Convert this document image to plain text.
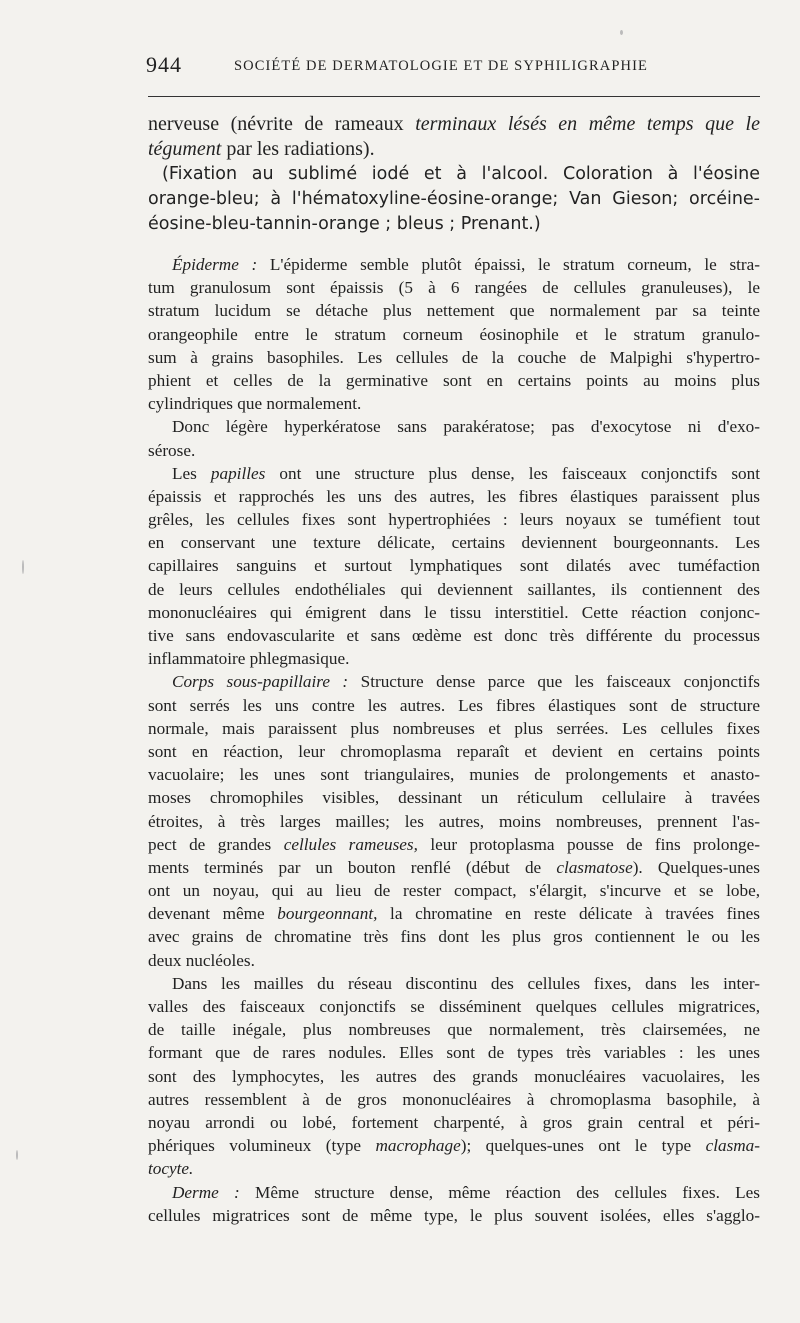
944	SOCIÉTÉ DE DERMATOLOGIE ET DE SYPHILIGRAPHIE
nerveuse (névrite de rameaux terminaux lésés en même temps que le
tégument par les radiations).
(Fixation au sublimé iodé et à l'alcool. Coloration à l'éosine
orange-bleu; à l'hématoxyline-éosine-orange; Van Gieson; orcéine-
éosine-bleu-tannin-orange ; bleus ; Prenant.)
Épiderme : L'épiderme semble plutôt épaissi, le stratum corneum, le stra-
tum granulosum sont épaissis (5 à 6 rangées de cellules granuleuses), le
stratum lucidum se détache plus nettement que normalement par sa teinte
orangeophile entre le stratum corneum éosinophile et le stratum granulo-
sum à grains basophiles. Les cellules de la couche de Malpighi s'hypertro-
phient et celles de la germinative sont en certains points au moins plus
cylindriques que normalement.
Donc légère hyperkératose sans parakératose; pas d'exocytose ni d'exo-
sérose.
Les papilles ont une structure plus dense, les faisceaux conjonctifs sont
épaissis et rapprochés les uns des autres, les fibres élastiques paraissent plus
grêles, les cellules fixes sont hypertrophiées : leurs noyaux se tuméfient tout
en conservant une texture délicate, certains deviennent bourgeonnants. Les
capillaires sanguins et surtout lymphatiques sont dilatés avec tuméfaction
de leurs cellules endothéliales qui deviennent saillantes, ils contiennent des
mononucléaires qui émigrent dans le tissu interstitiel. Cette réaction conjonc-
tive sans endovascularite et sans œdème est donc très différente du processus
inflammatoire phlegmasique.
Corps sous-papillaire : Structure dense parce que les faisceaux conjonctifs
sont serrés les uns contre les autres. Les fibres élastiques sont de structure
normale, mais paraissent plus nombreuses et plus serrées. Les cellules fixes
sont en réaction, leur chromoplasma reparaît et devient en certains points
vacuolaire; les unes sont triangulaires, munies de prolongements et anasto-
moses chromophiles visibles, dessinant un réticulum cellulaire à travées
étroites, à très larges mailles; les autres, moins nombreuses, prennent l'as-
pect de grandes cellules rameuses, leur protoplasma pousse de fins prolonge-
ments terminés par un bouton renflé (début de clasmatose). Quelques-unes
ont un noyau, qui au lieu de rester compact, s'élargit, s'incurve et se lobe,
devenant même bourgeonnant, la chromatine en reste délicate à travées fines
avec grains de chromatine très fins dont les plus gros contiennent le ou les
deux nucléoles.
Dans les mailles du réseau discontinu des cellules fixes, dans les inter-
valles des faisceaux conjonctifs se disséminent quelques cellules migratrices,
de taille inégale, plus nombreuses que normalement, très clairsemées, ne
formant que de rares nodules. Elles sont de types très variables : les unes
sont des lymphocytes, les autres des grands monucléaires vacuolaires, les
autres ressemblent à de gros mononucléaires à chromoplasma basophile, à
noyau arrondi ou lobé, fortement charpenté, à gros grain central et péri-
phériques volumineux (type macrophage); quelques-unes ont le type clasma-
tocyte.
Derme : Même structure dense, même réaction des cellules fixes. Les
cellules migratrices sont de même type, le plus souvent isolées, elles s'agglo-
